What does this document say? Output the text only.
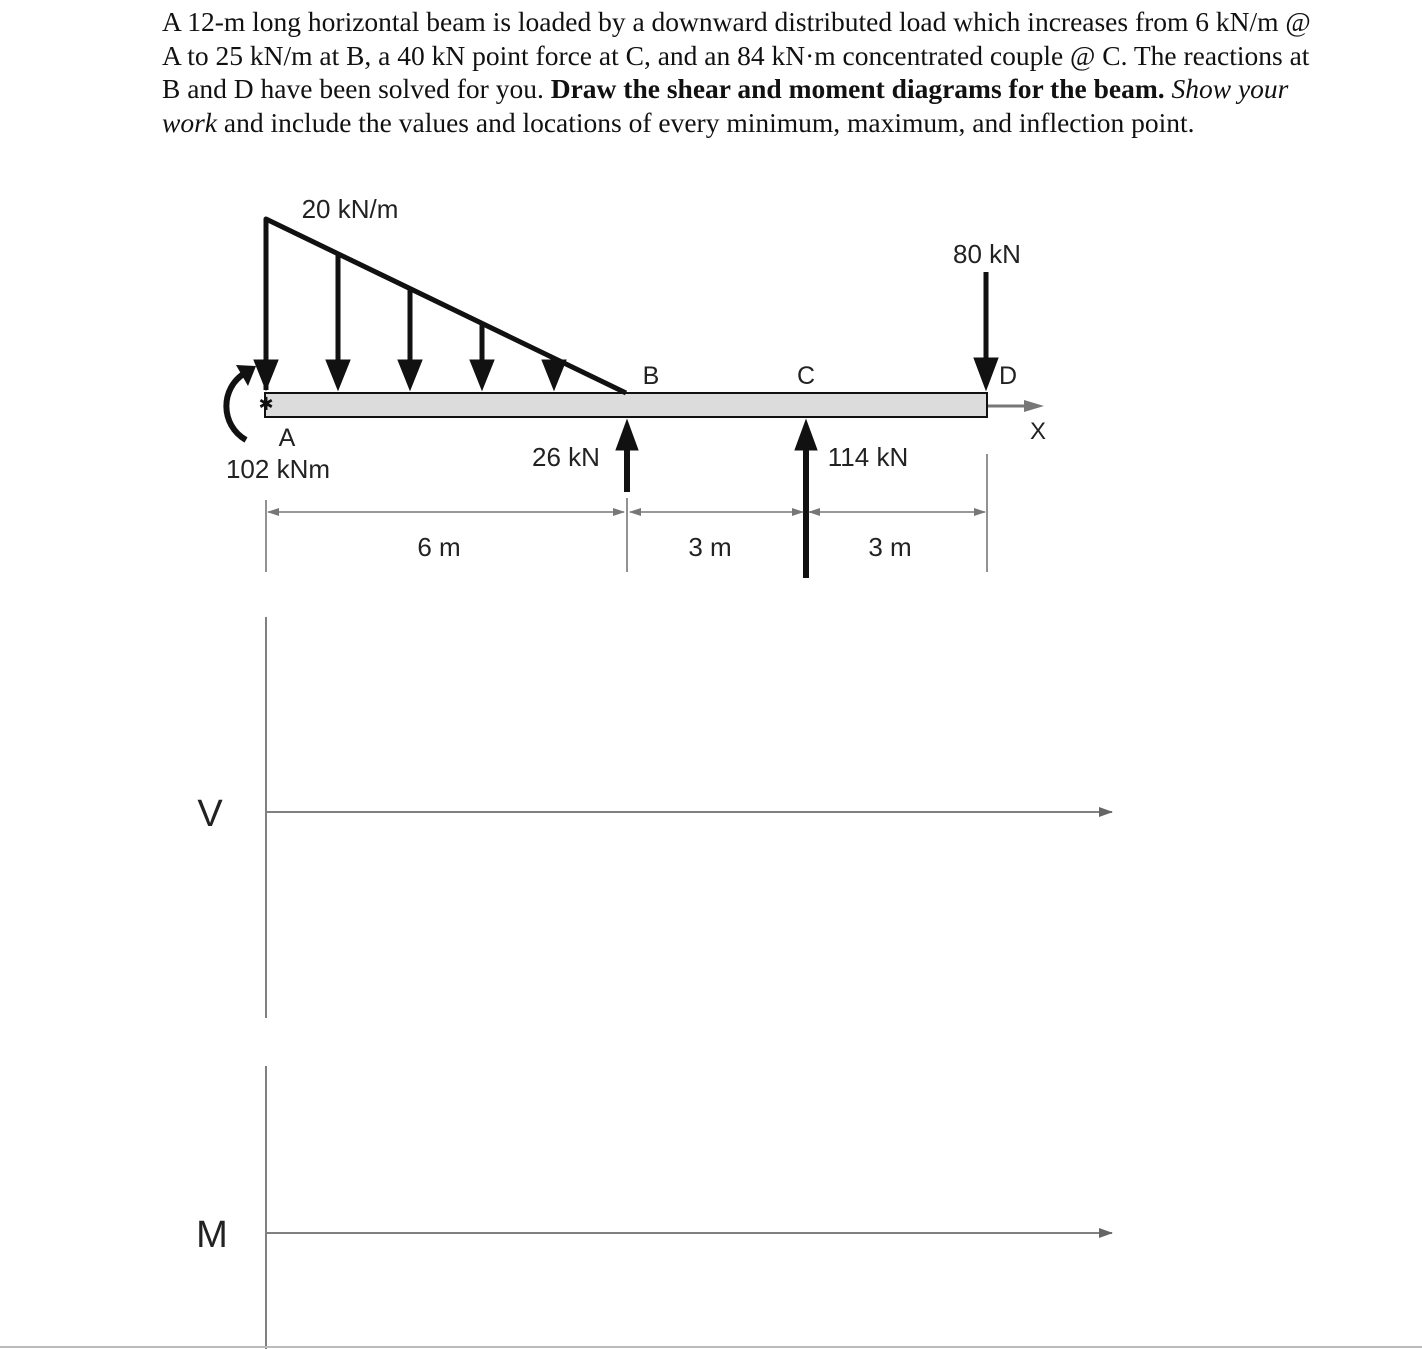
A 12-m long horizontal beam is loaded by a downward distributed load which increases from 6 kN/m @ A to 25 kN/m at B, a 40 kN point force at C, and an 84 kN·m concentrated couple @ C. The reactions at B and D have been solved for you. Draw the shear and moment diagrams for the beam. Show your work and include the values and locations of every minimum, maximum, and inflection point.
20 kN/m
80 kN
✱
A
102 kNm
B	C	D
X
26 kN	114 kN
6 m	3 m	3 m
V
M
